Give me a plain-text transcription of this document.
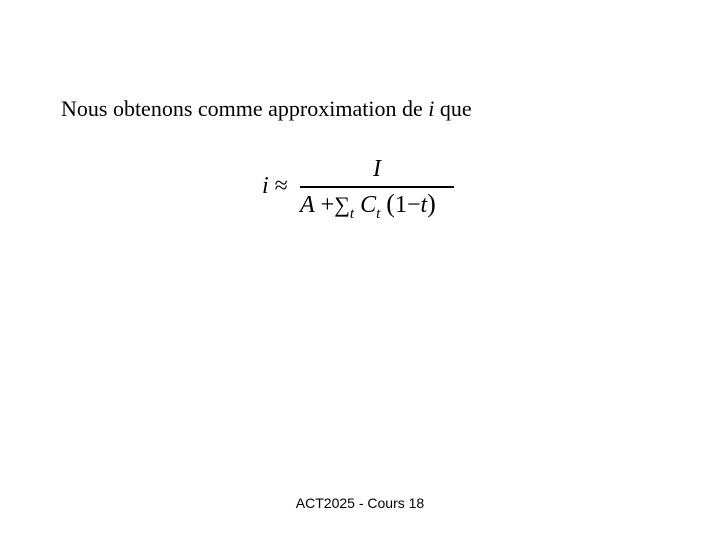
Nous obtenons comme approximation de i que
i ≈
I
$A +\sum_t$ $C_t$ (1−t)
ACT2025 - Cours 18
